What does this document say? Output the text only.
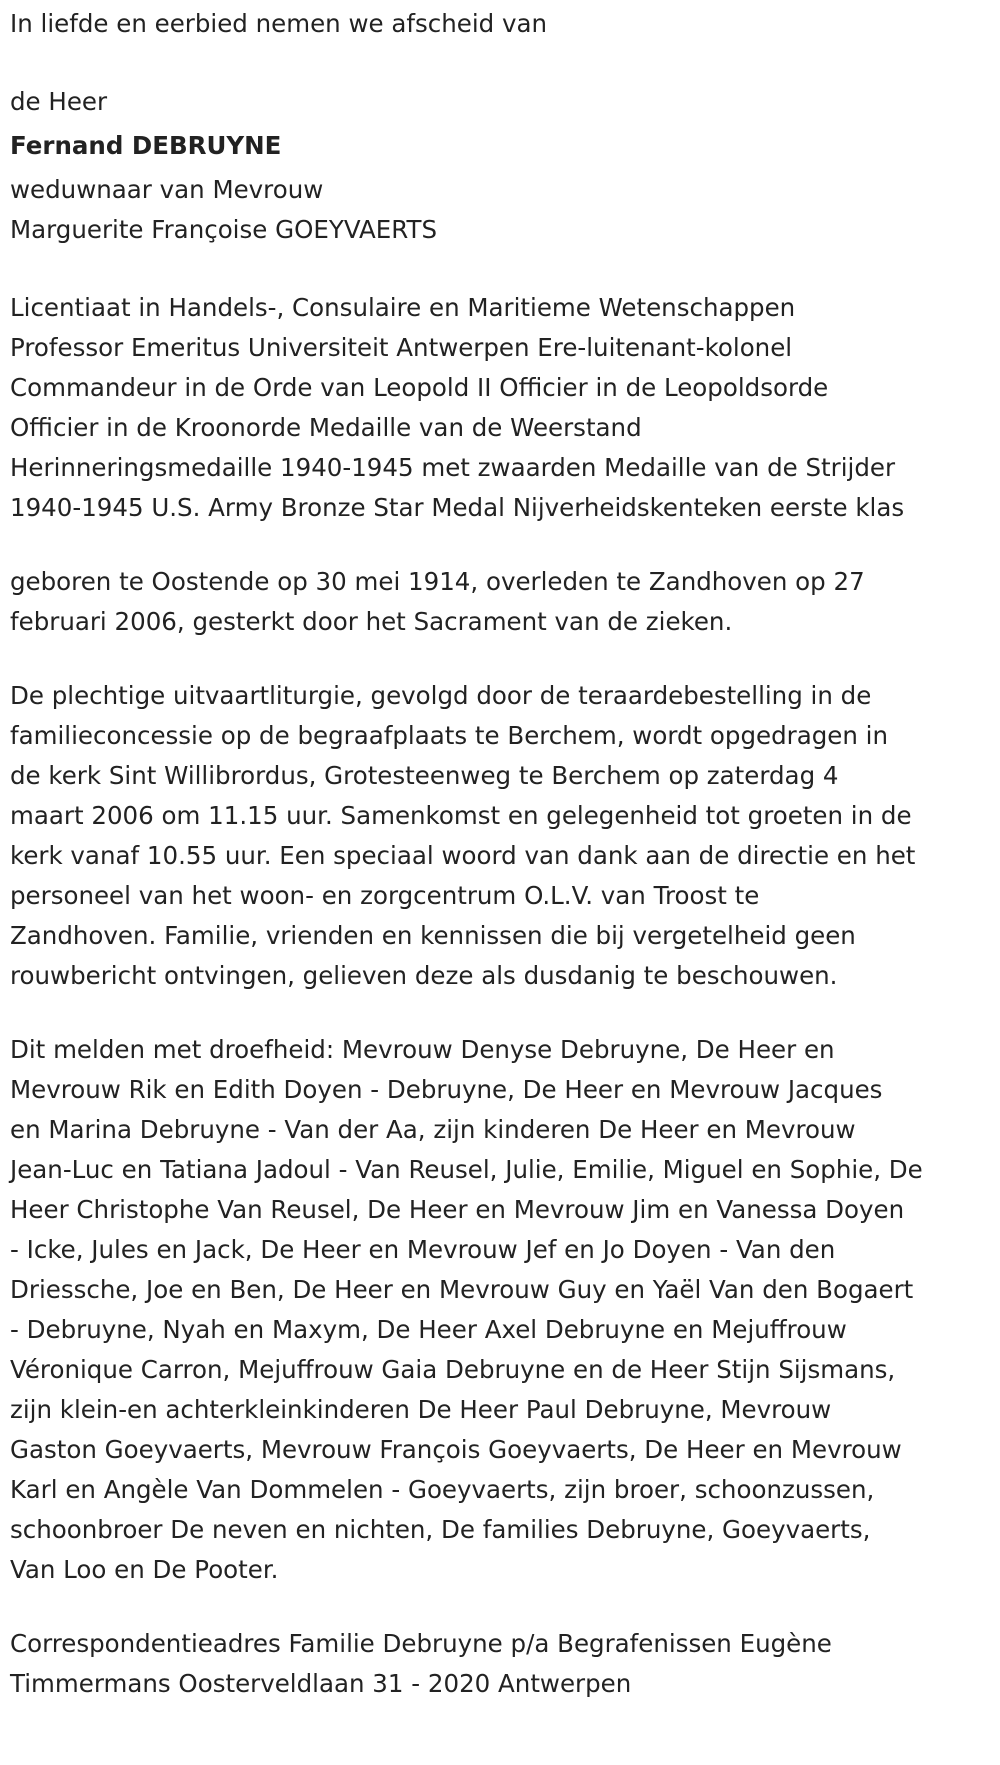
In liefde en eerbied nemen we afscheid van

de Heer

Fernand DEBRUYNE

weduwnaar van Mevrouw

Marguerite Françoise GOEYVAERTS

Licentiaat in Handels-, Consulaire en Maritieme Wetenschappen

Professor Emeritus Universiteit Antwerpen Ere-luitenant-kolonel

Commandeur in de Orde van Leopold II Officier in de Leopoldsorde

Officier in de Kroonorde Medaille van de Weerstand

Herinneringsmedaille 1940-1945 met zwaarden Medaille van de Strijder

1940-1945 U.S. Army Bronze Star Medal Nijverheidskenteken eerste klas

geboren te Oostende op 30 mei 1914, overleden te Zandhoven op 27

februari 2006, gesterkt door het Sacrament van de zieken.

De plechtige uitvaartliturgie, gevolgd door de teraardebestelling in de

familieconcessie op de begraafplaats te Berchem, wordt opgedragen in

de kerk Sint Willibrordus, Grotesteenweg te Berchem op zaterdag 4

maart 2006 om 11.15 uur. Samenkomst en gelegenheid tot groeten in de

kerk vanaf 10.55 uur. Een speciaal woord van dank aan de directie en het

personeel van het woon- en zorgcentrum O.L.V. van Troost te

Zandhoven. Familie, vrienden en kennissen die bij vergetelheid geen

rouwbericht ontvingen, gelieven deze als dusdanig te beschouwen.

Dit melden met droefheid: Mevrouw Denyse Debruyne, De Heer en

Mevrouw Rik en Edith Doyen - Debruyne, De Heer en Mevrouw Jacques

en Marina Debruyne - Van der Aa, zijn kinderen De Heer en Mevrouw

Jean-Luc en Tatiana Jadoul - Van Reusel, Julie, Emilie, Miguel en Sophie, De

Heer Christophe Van Reusel, De Heer en Mevrouw Jim en Vanessa Doyen

- Icke, Jules en Jack, De Heer en Mevrouw Jef en Jo Doyen - Van den

Driessche, Joe en Ben, De Heer en Mevrouw Guy en Yaël Van den Bogaert

- Debruyne, Nyah en Maxym, De Heer Axel Debruyne en Mejuffrouw

Véronique Carron, Mejuffrouw Gaia Debruyne en de Heer Stijn Sijsmans,

zijn klein-en achterkleinkinderen De Heer Paul Debruyne, Mevrouw

Gaston Goeyvaerts, Mevrouw François Goeyvaerts, De Heer en Mevrouw

Karl en Angèle Van Dommelen - Goeyvaerts, zijn broer, schoonzussen,

schoonbroer De neven en nichten, De families Debruyne, Goeyvaerts,

Van Loo en De Pooter.

Correspondentieadres Familie Debruyne p/a Begrafenissen Eugène

Timmermans Oosterveldlaan 31 - 2020 Antwerpen
